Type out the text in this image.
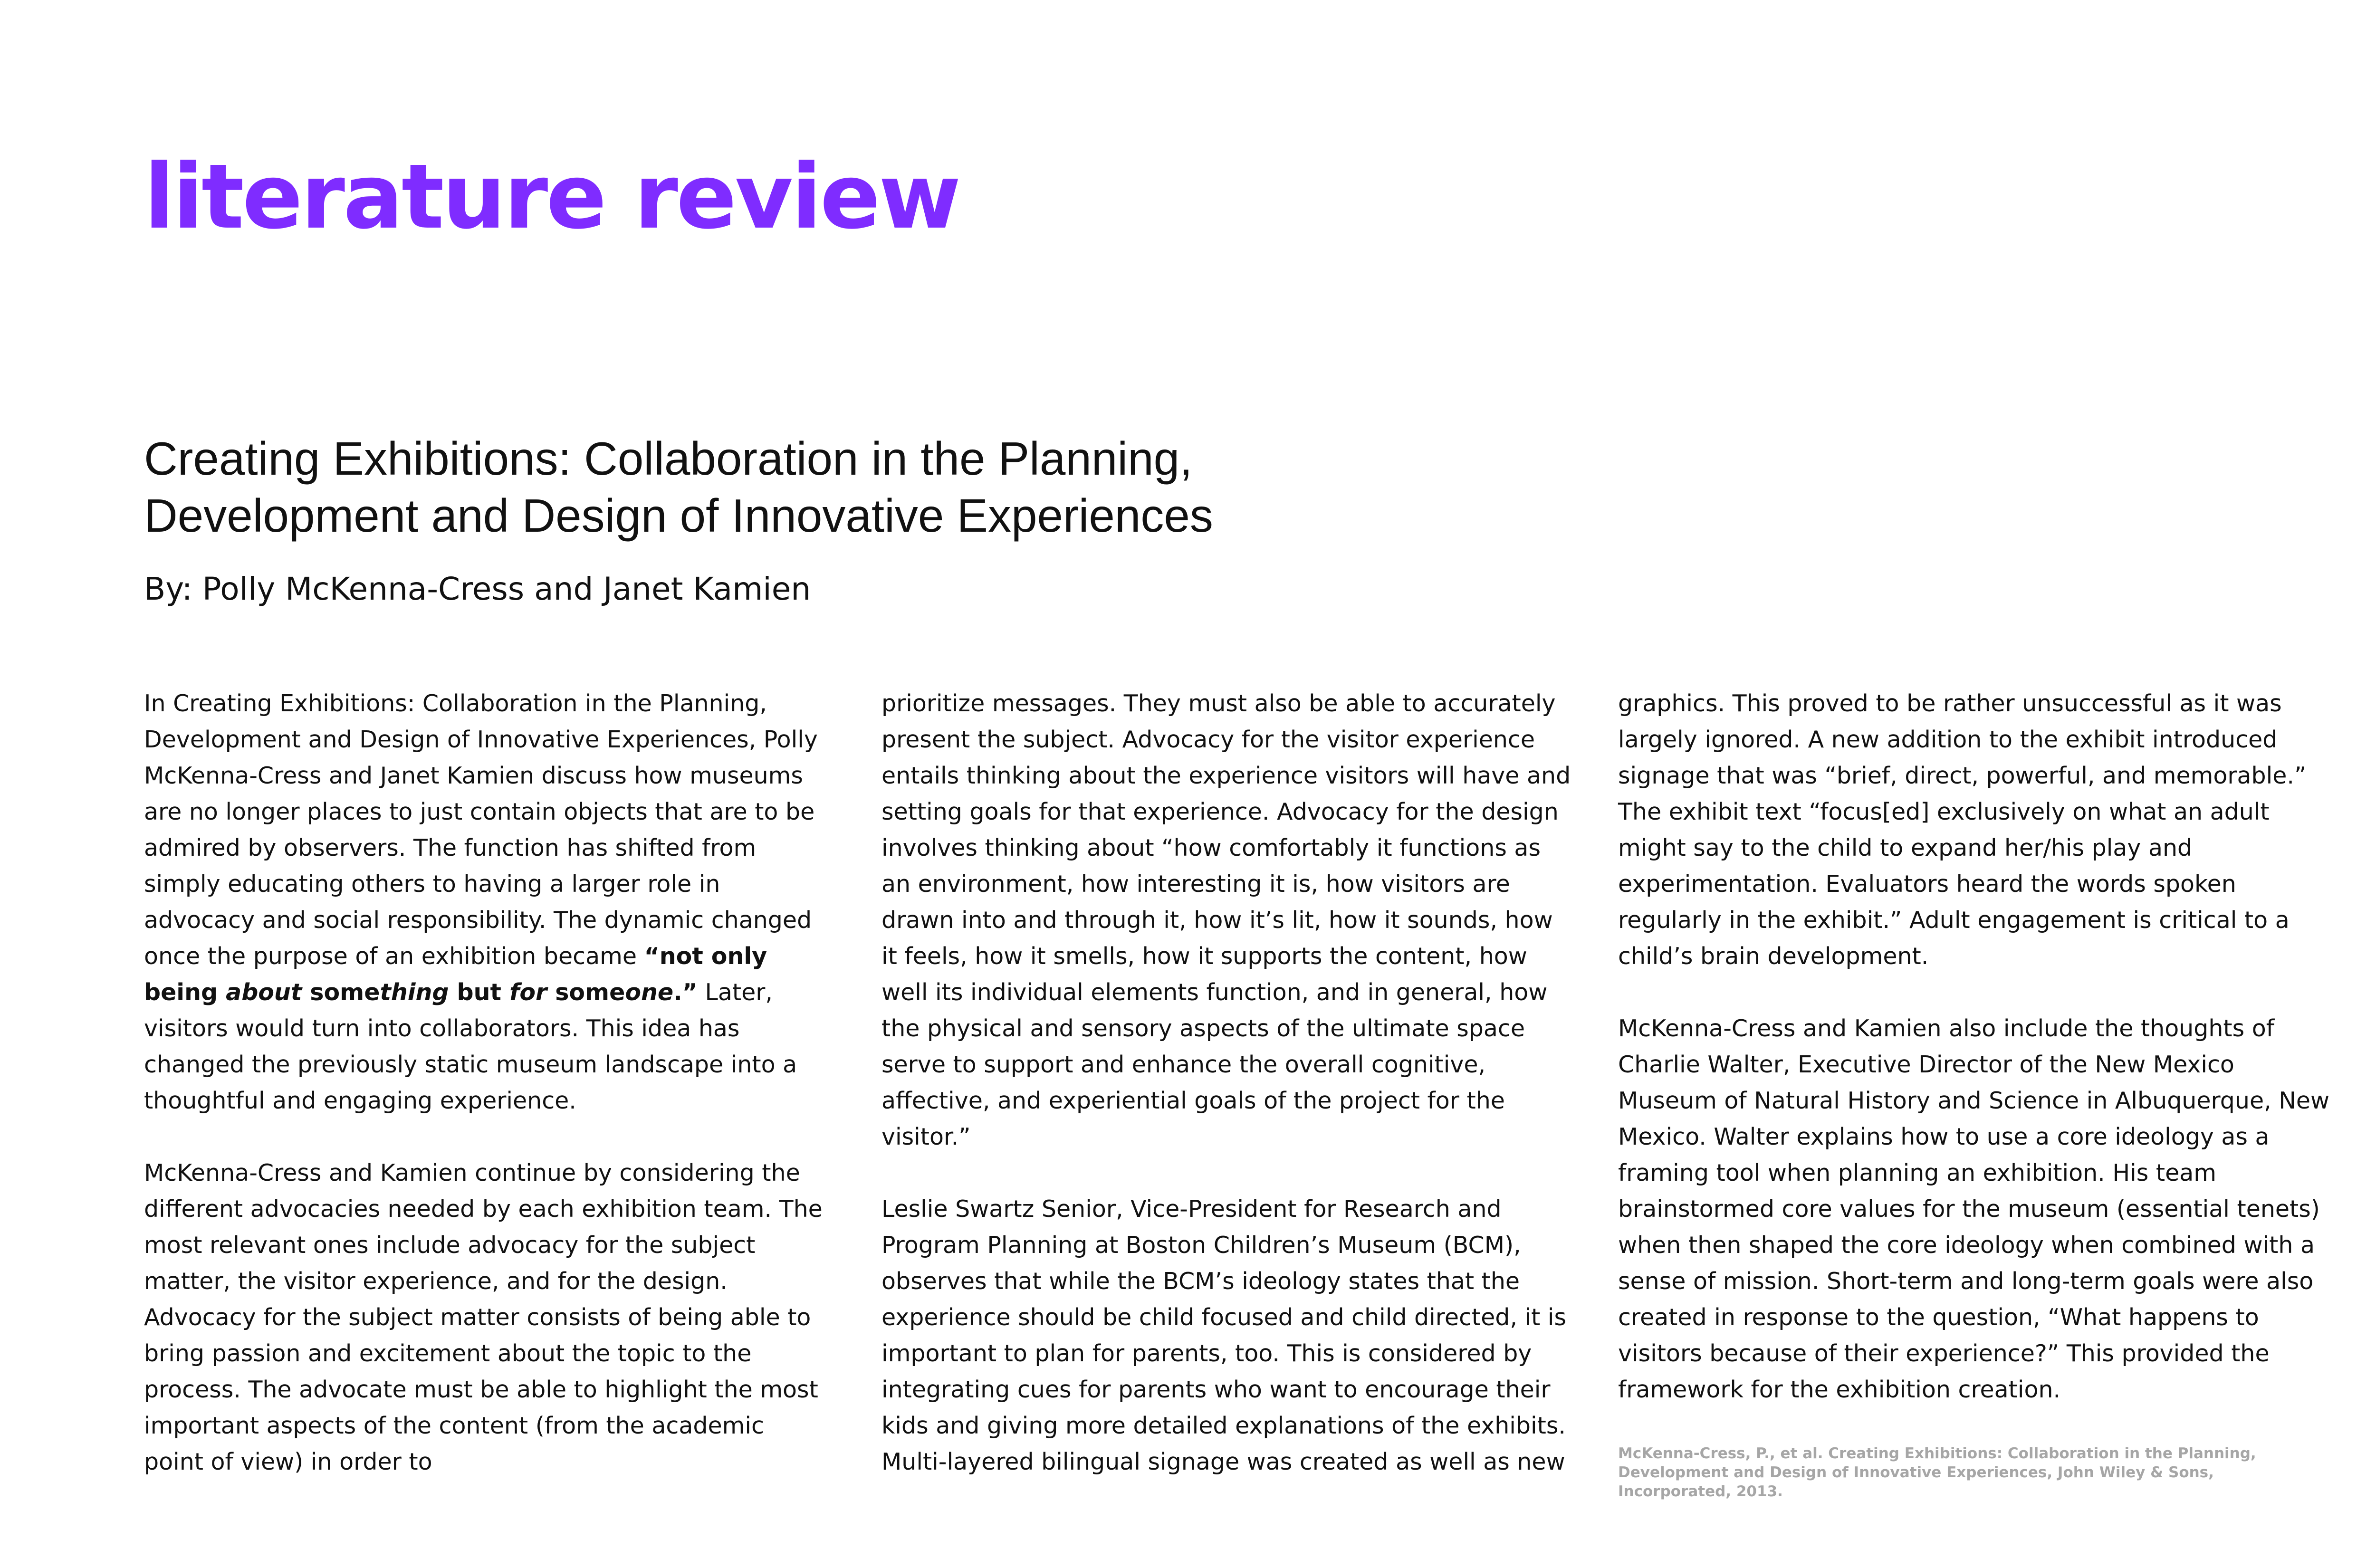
literature review
Creating Exhibitions: Collaboration in the Planning,
Development and Design of Innovative Experiences
By: Polly McKenna-Cress and Janet Kamien

In Creating Exhibitions: Collaboration in the Planning, Development and Design of Innovative Experiences, Polly McKenna-Cress and Janet Kamien discuss how museums are no longer places to just contain objects that are to be admired by observers. The function has shifted from simply educating others to having a larger role in advocacy and social responsibility. The dynamic changed once the purpose of an exhibition became “not only being about something but for someone.” Later, visitors would turn into collaborators. This idea has changed the previously static museum landscape into a thoughtful and engaging experience.

McKenna-Cress and Kamien continue by considering the different advocacies needed by each exhibition team. The most relevant ones include advocacy for the subject matter, the visitor experience, and for the design. Advocacy for the subject matter consists of being able to bring passion and excitement about the topic to the process. The advocate must be able to highlight the most important aspects of the content (from the academic point of view) in order to

prioritize messages. They must also be able to accurately present the subject. Advocacy for the visitor experience entails thinking about the experience visitors will have and setting goals for that experience. Advocacy for the design involves thinking about “how comfortably it functions as an environment, how interesting it is, how visitors are drawn into and through it, how it’s lit, how it sounds, how it feels, how it smells, how it supports the content, how well its individual elements function, and in general, how the physical and sensory aspects of the ultimate space serve to support and enhance the overall cognitive, affective, and experiential goals of the project for the visitor.”

Leslie Swartz Senior, Vice-President for Research and Program Planning at Boston Children’s Museum (BCM), observes that while the BCM’s ideology states that the experience should be child focused and child directed, it is important to plan for parents, too. This is considered by integrating cues for parents who want to encourage their kids and giving more detailed explanations of the exhibits. Multi-layered bilingual signage was created as well as new

graphics. This proved to be rather unsuccessful as it was largely ignored. A new addition to the exhibit introduced signage that was “brief, direct, powerful, and memorable.” The exhibit text “focus[ed] exclusively on what an adult might say to the child to expand her/his play and experimentation. Evaluators heard the words spoken regularly in the exhibit.” Adult engagement is critical to a child’s brain development.

McKenna-Cress and Kamien also include the thoughts of Charlie Walter, Executive Director of the New Mexico Museum of Natural History and Science in Albuquerque, New Mexico. Walter explains how to use a core ideology as a framing tool when planning an exhibition. His team brainstormed core values for the museum (essential tenets) when then shaped the core ideology when combined with a sense of mission. Short-term and long-term goals were also created in response to the question, “What happens to visitors because of their experience?” This provided the framework for the exhibition creation.

McKenna-Cress, P., et al. Creating Exhibitions: Collaboration in the Planning, Development and Design of Innovative Experiences, John Wiley & Sons, Incorporated, 2013.
